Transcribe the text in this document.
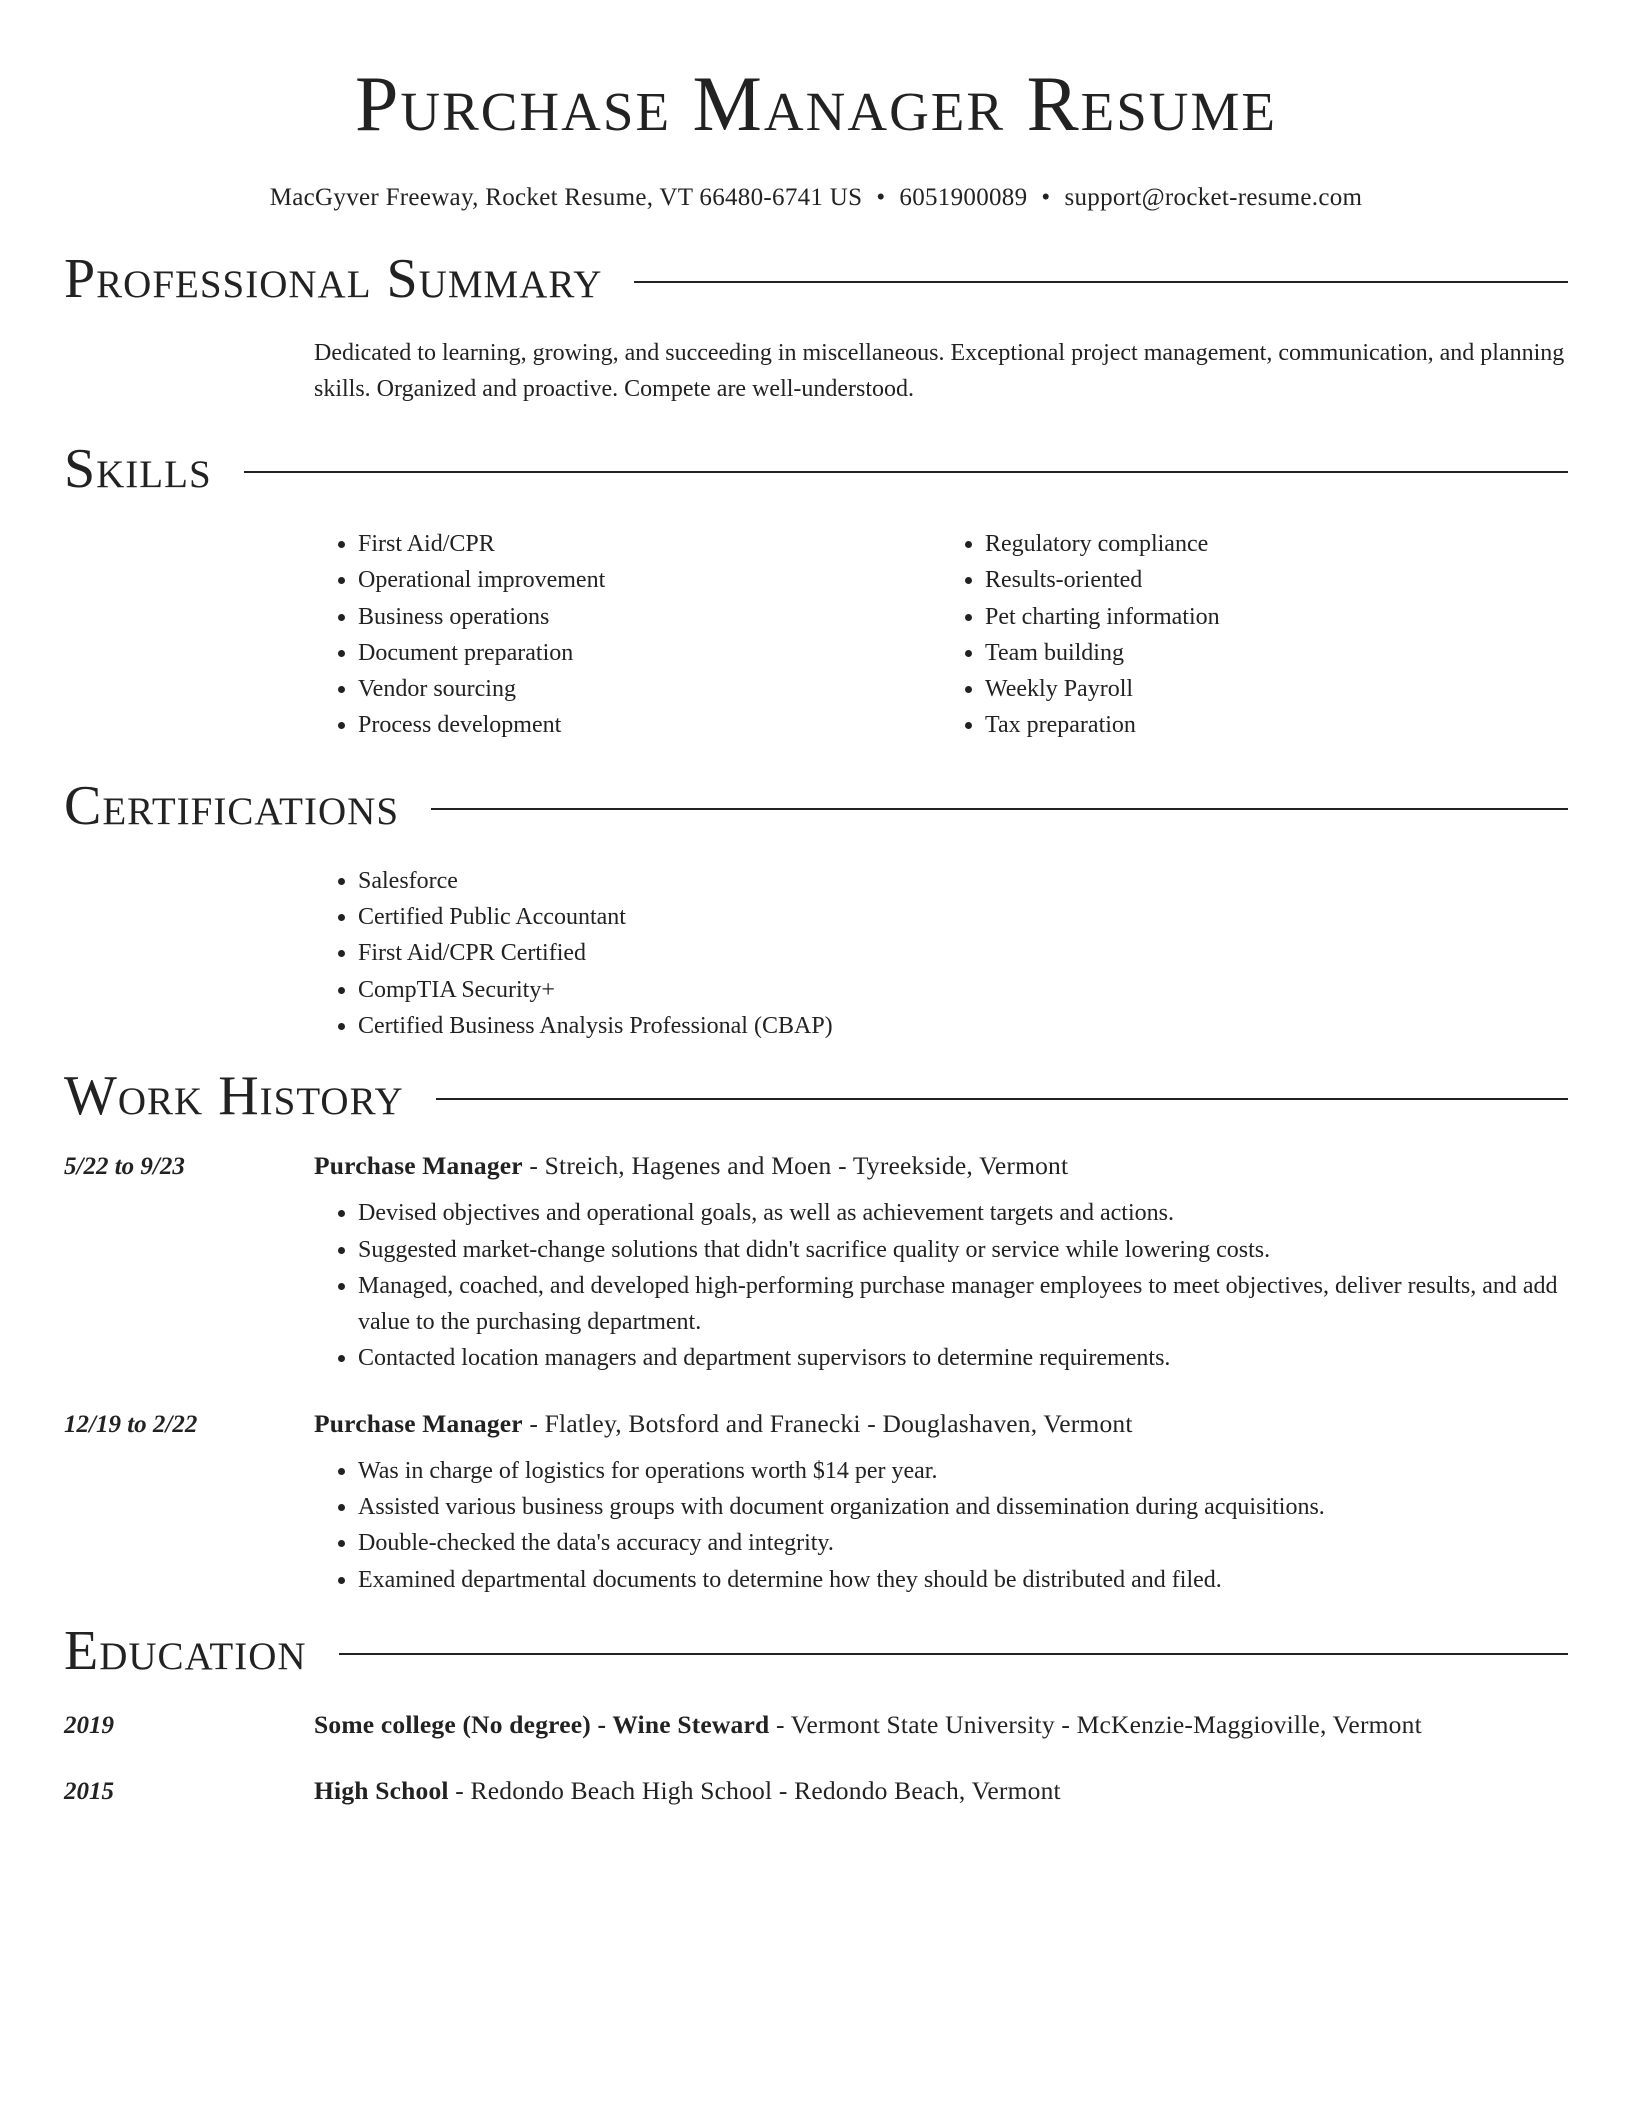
Purchase Manager Resume
MacGyver Freeway, Rocket Resume, VT 66480-6741 US • 6051900089 • support@rocket-resume.com
Professional Summary

Dedicated to learning, growing, and succeeding in miscellaneous. Exceptional project management, communication, and planning skills. Organized and proactive. Compete are well-understood.

Skills
• First Aid/CPR
• Operational improvement
• Business operations
• Document preparation
• Vendor sourcing
• Process development
• Regulatory compliance
• Results-oriented
• Pet charting information
• Team building
• Weekly Payroll
• Tax preparation
Certifications
• Salesforce
• Certified Public Accountant
• First Aid/CPR Certified
• CompTIA Security+
• Certified Business Analysis Professional (CBAP)
Work History
5/22 to 9/23	Purchase Manager - Streich, Hagenes and Moen - Tyreekside, Vermont
• Devised objectives and operational goals, as well as achievement targets and actions.
• Suggested market-change solutions that didn't sacrifice quality or service while lowering costs.
• Managed, coached, and developed high-performing purchase manager employees to meet objectives, deliver results, and add value to the purchasing department.
• Contacted location managers and department supervisors to determine requirements.
12/19 to 2/22	Purchase Manager - Flatley, Botsford and Franecki - Douglashaven, Vermont
• Was in charge of logistics for operations worth $14 per year.
• Assisted various business groups with document organization and dissemination during acquisitions.
• Double-checked the data's accuracy and integrity.
• Examined departmental documents to determine how they should be distributed and filed.
Education
2019	Some college (No degree) - Wine Steward - Vermont State University - McKenzie-Maggioville, Vermont
2015	High School - Redondo Beach High School - Redondo Beach, Vermont
